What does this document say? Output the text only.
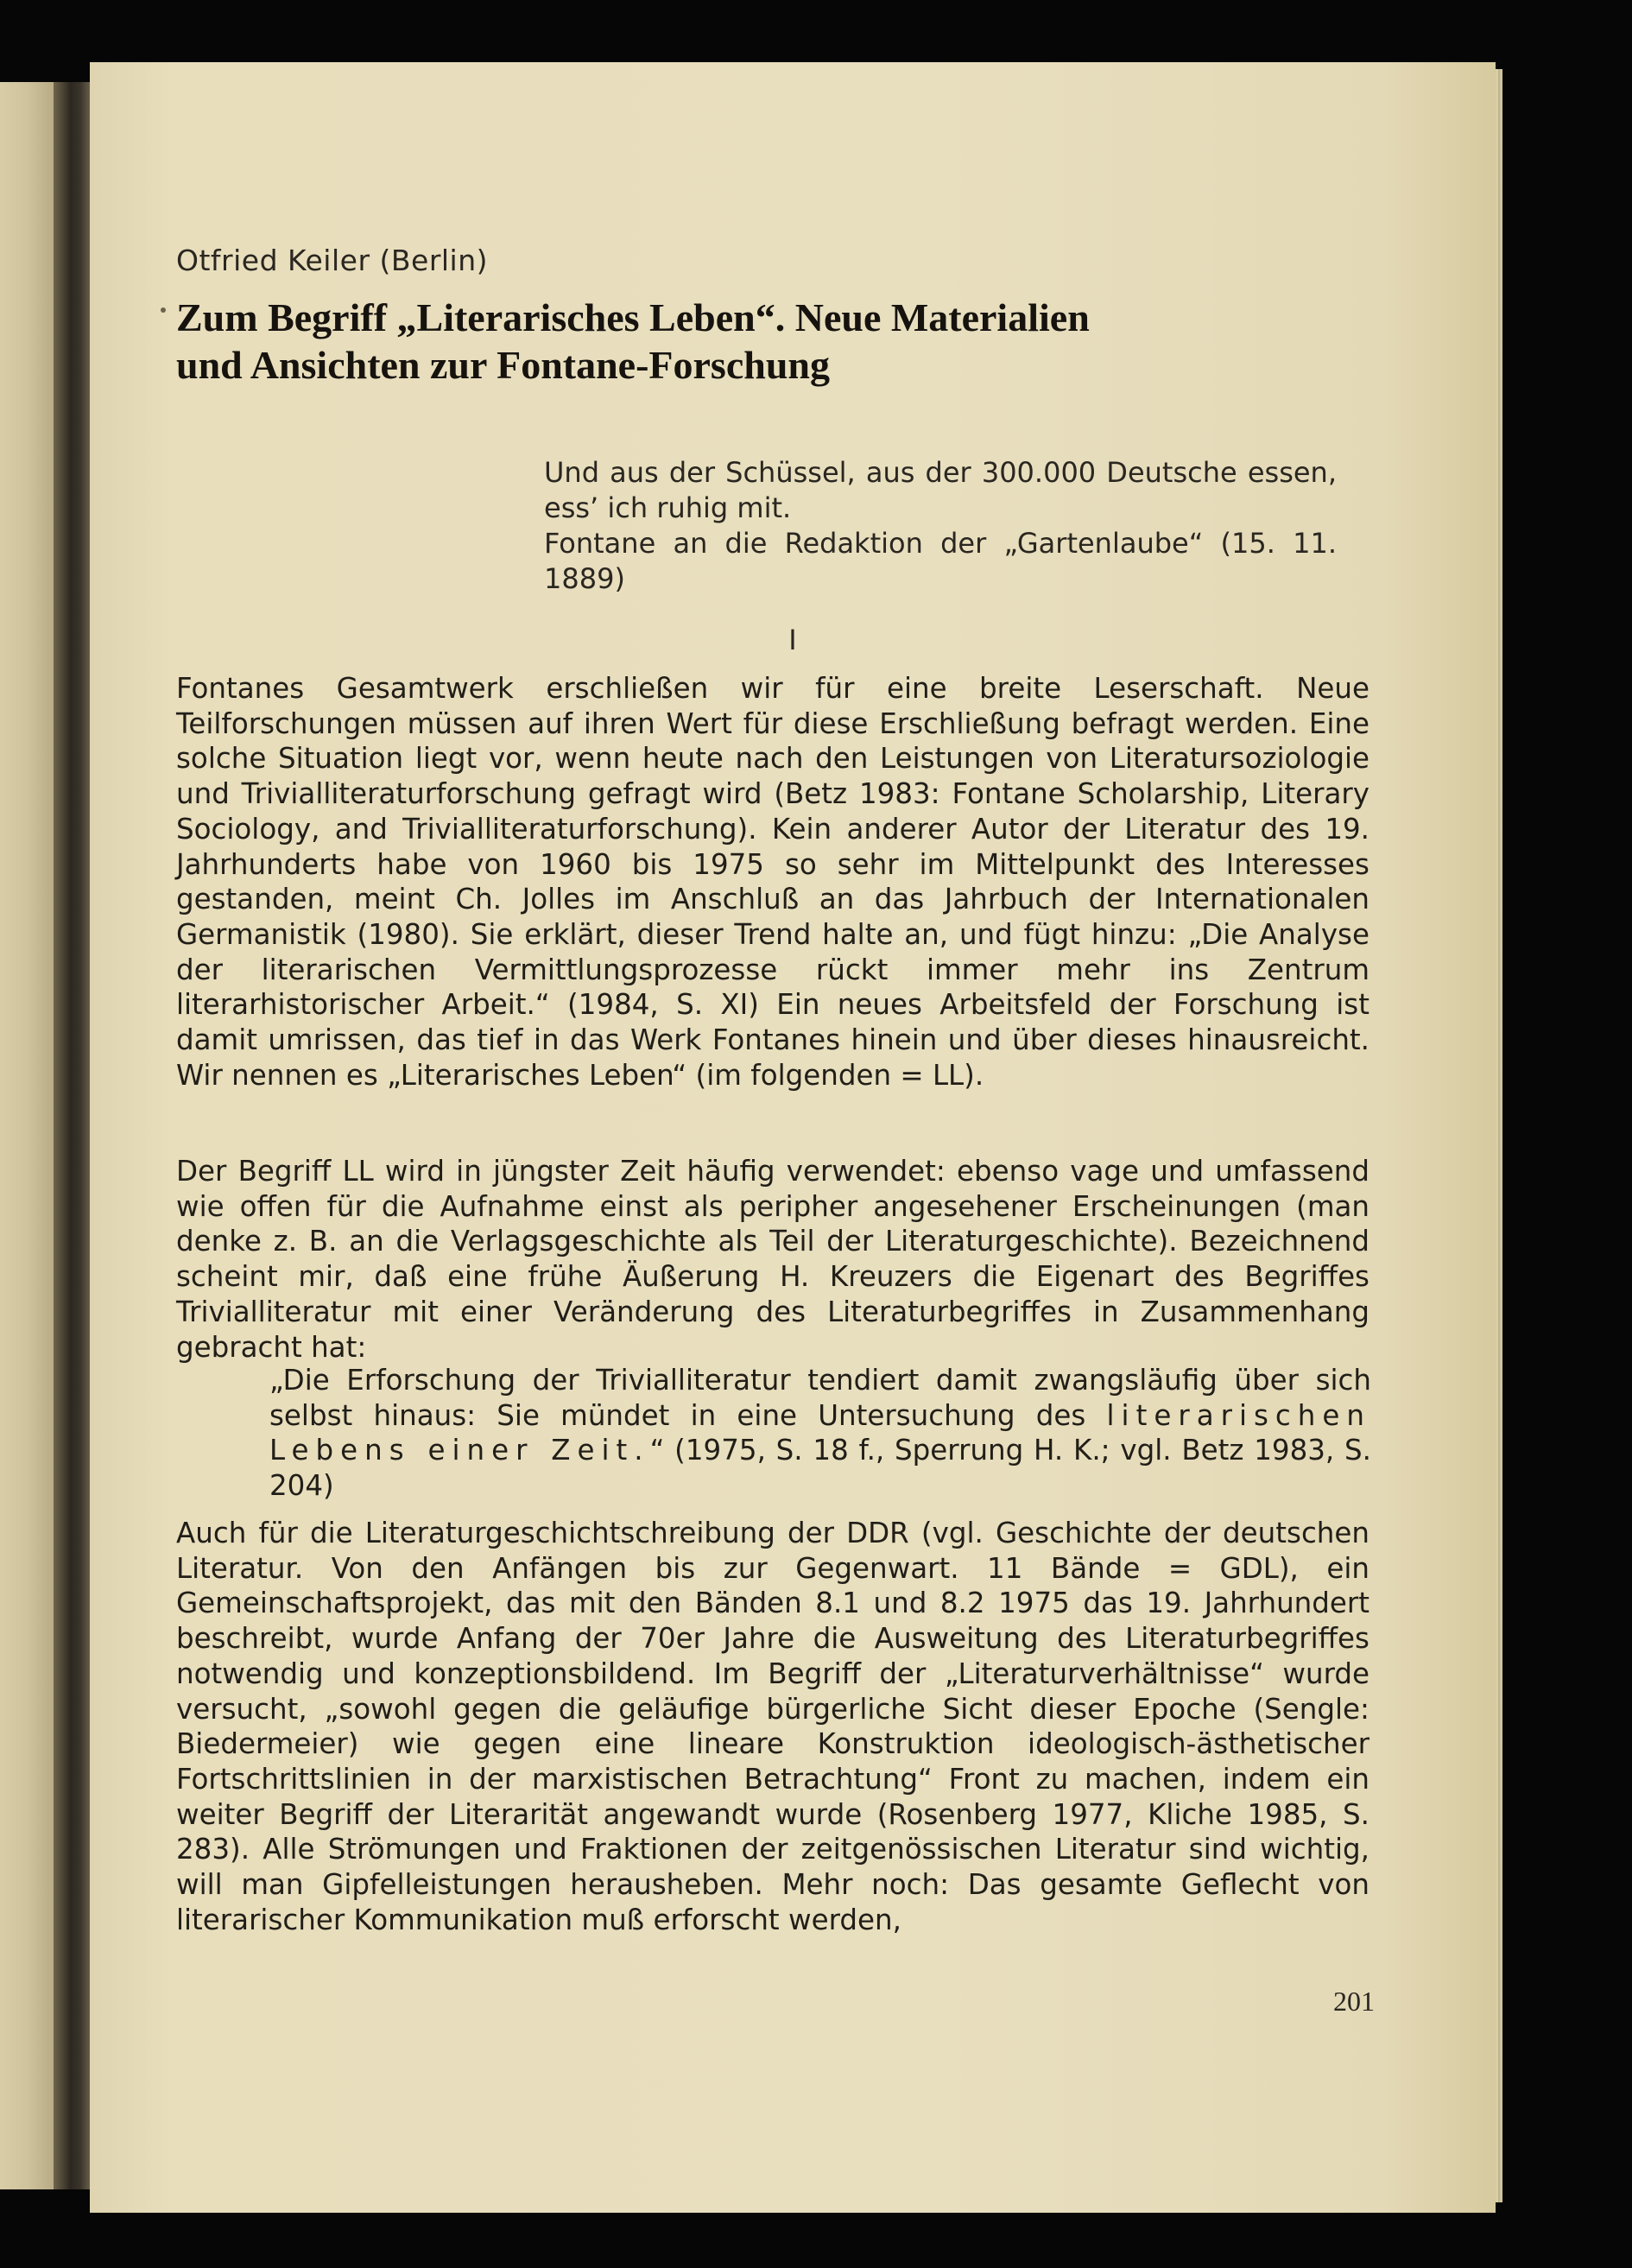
Otfried Keiler (Berlin)
Zum Begriff „Literarisches Leben“. Neue Materialien
und Ansichten zur Fontane-Forschung
Und aus der Schüssel, aus der 300.000 Deutsche essen, ess’ ich ruhig mit.
Fontane an die Redaktion der „Gartenlaube“ (15. 11. 1889)
I
Fontanes Gesamtwerk erschließen wir für eine breite Leserschaft. Neue Teilforschungen müssen auf ihren Wert für diese Erschließung befragt werden. Eine solche Situation liegt vor, wenn heute nach den Leistungen von Literatursoziologie und Trivialliteraturforschung gefragt wird (Betz 1983: Fontane Scholarship, Literary Sociology, and Trivialliteraturforschung). Kein anderer Autor der Literatur des 19. Jahrhunderts habe von 1960 bis 1975 so sehr im Mittelpunkt des Interesses gestanden, meint Ch. Jolles im Anschluß an das Jahrbuch der Internationalen Germanistik (1980). Sie erklärt, dieser Trend halte an, und fügt hinzu: „Die Analyse der literarischen Vermittlungsprozesse rückt immer mehr ins Zentrum literarhistorischer Arbeit.“ (1984, S. XI) Ein neues Arbeitsfeld der Forschung ist damit umrissen, das tief in das Werk Fontanes hinein und über dieses hinausreicht. Wir nennen es „Literarisches Leben“ (im folgenden = LL).
Der Begriff LL wird in jüngster Zeit häufig verwendet: ebenso vage und umfassend wie offen für die Aufnahme einst als peripher angesehener Erscheinungen (man denke z. B. an die Verlagsgeschichte als Teil der Literaturgeschichte). Bezeichnend scheint mir, daß eine frühe Äußerung H. Kreuzers die Eigenart des Begriffes Trivialliteratur mit einer Veränderung des Literaturbegriffes in Zusammenhang gebracht hat:
„Die Erforschung der Trivialliteratur tendiert damit zwangsläufig über sich selbst hinaus: Sie mündet in eine Untersuchung des literarischen Lebens einer Zeit.“ (1975, S. 18 f., Sperrung H. K.; vgl. Betz 1983, S. 204)
Auch für die Literaturgeschichtschreibung der DDR (vgl. Geschichte der deutschen Literatur. Von den Anfängen bis zur Gegenwart. 11 Bände = GDL), ein Gemeinschaftsprojekt, das mit den Bänden 8.1 und 8.2 1975 das 19. Jahrhundert beschreibt, wurde Anfang der 70er Jahre die Ausweitung des Literaturbegriffes notwendig und konzeptionsbildend. Im Begriff der „Literaturverhältnisse“ wurde versucht, „sowohl gegen die geläufige bürgerliche Sicht dieser Epoche (Sengle: Biedermeier) wie gegen eine lineare Konstruktion ideologisch-ästhetischer Fortschrittslinien in der marxistischen Betrachtung“ Front zu machen, indem ein weiter Begriff der Literarität angewandt wurde (Rosenberg 1977, Kliche 1985, S. 283). Alle Strömungen und Fraktionen der zeitgenössischen Literatur sind wichtig, will man Gipfelleistungen herausheben. Mehr noch: Das gesamte Geflecht von literarischer Kommunikation muß erforscht werden,
201
